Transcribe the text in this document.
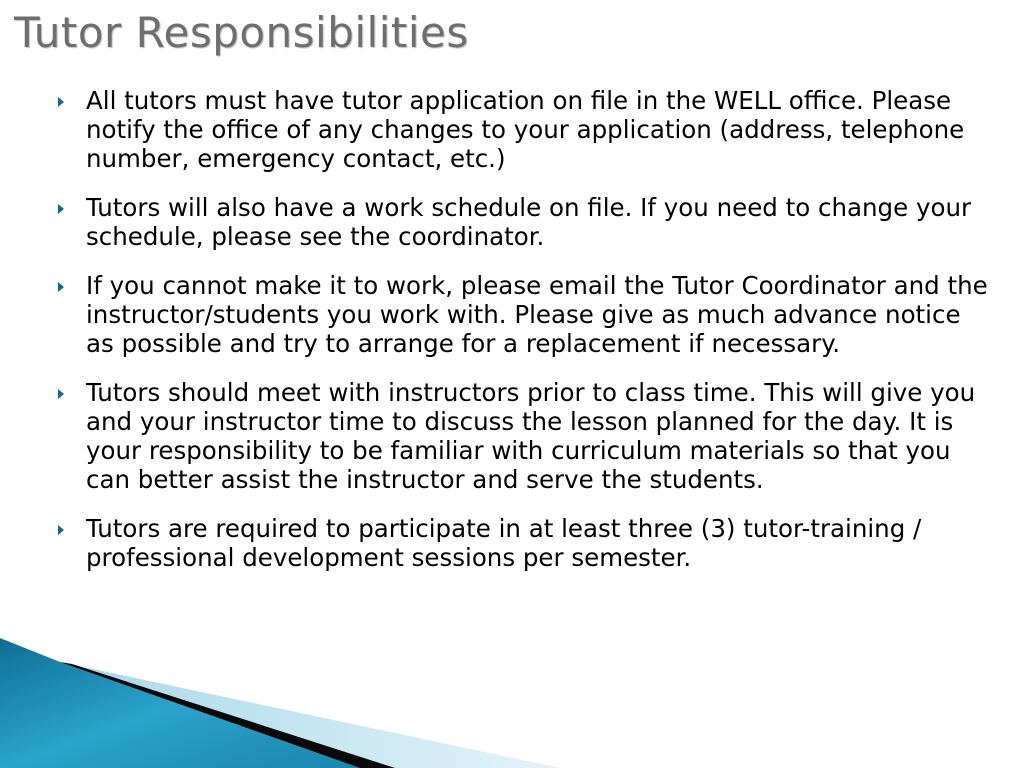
Tutor Responsibilities
All tutors must have tutor application on file in the WELL office. Please notify the office of any changes to your application (address, telephone number, emergency contact, etc.)
Tutors will also have a work schedule on file. If you need to change your schedule, please see the coordinator.
If you cannot make it to work, please email the Tutor Coordinator and the instructor/students you work with. Please give as much advance notice as possible and try to arrange for a replacement if necessary.
Tutors should meet with instructors prior to class time. This will give you and your instructor time to discuss the lesson planned for the day. It is your responsibility to be familiar with curriculum materials so that you can better assist the instructor and serve the students.
Tutors are required to participate in at least three (3) tutor-training / professional development sessions per semester.
